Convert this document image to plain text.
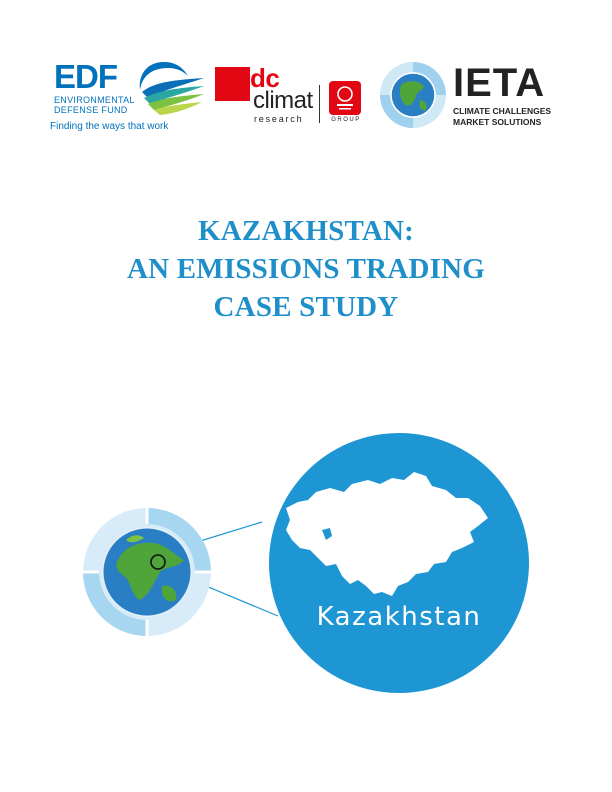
EDF
ENVIRONMENTAL
DEFENSE FUND
Finding the ways that work
cdc
climat
research	GROUP
IETA
CLIMATE CHALLENGES
MARKET SOLUTIONS
KAZAKHSTAN:
AN EMISSIONS TRADING
CASE STUDY
Kazakhstan
